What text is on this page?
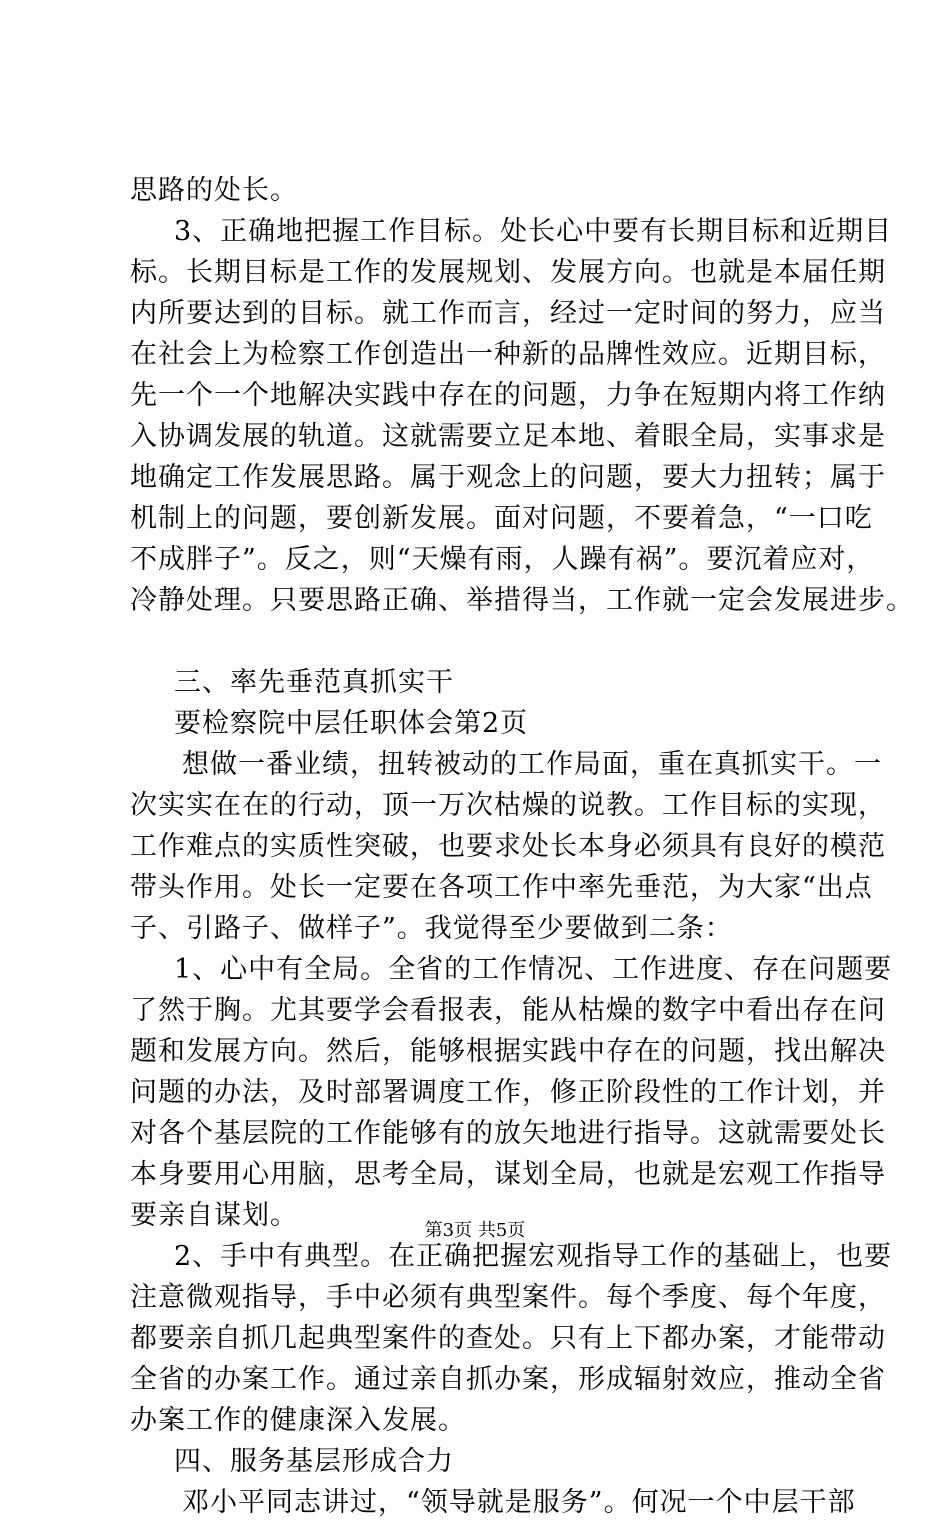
思路的处长。
3、正确地把握工作目标。处长心中要有长期目标和近期目
标。长期目标是工作的发展规划、发展方向。也就是本届任期
内所要达到的目标。就工作而言，经过一定时间的努力，应当
在社会上为检察工作创造出一种新的品牌性效应。近期目标，
先一个一个地解决实践中存在的问题，力争在短期内将工作纳
入协调发展的轨道。这就需要立足本地、着眼全局，实事求是
地确定工作发展思路。属于观念上的问题，要大力扭转；属于
机制上的问题，要创新发展。面对问题，不要着急，“一口吃
不成胖子”。反之，则“天燥有雨，人躁有祸”。要沉着应对，
冷静处理。只要思路正确、举措得当，工作就一定会发展进步。
三、率先垂范真抓实干
要检察院中层任职体会第2页
想做一番业绩，扭转被动的工作局面，重在真抓实干。一
次实实在在的行动，顶一万次枯燥的说教。工作目标的实现，
工作难点的实质性突破，也要求处长本身必须具有良好的模范
带头作用。处长一定要在各项工作中率先垂范，为大家“出点
子、引路子、做样子”。我觉得至少要做到二条：
1、心中有全局。全省的工作情况、工作进度、存在问题要
了然于胸。尤其要学会看报表，能从枯燥的数字中看出存在问
题和发展方向。然后，能够根据实践中存在的问题，找出解决
问题的办法，及时部署调度工作，修正阶段性的工作计划，并
对各个基层院的工作能够有的放矢地进行指导。这就需要处长
本身要用心用脑，思考全局，谋划全局，也就是宏观工作指导
要亲自谋划。
2、手中有典型。在正确把握宏观指导工作的基础上，也要
注意微观指导，手中必须有典型案件。每个季度、每个年度，
都要亲自抓几起典型案件的查处。只有上下都办案，才能带动
全省的办案工作。通过亲自抓办案，形成辐射效应，推动全省
办案工作的健康深入发展。
四、服务基层形成合力
邓小平同志讲过，“领导就是服务”。何况一个中层干部
第3页 共5页
